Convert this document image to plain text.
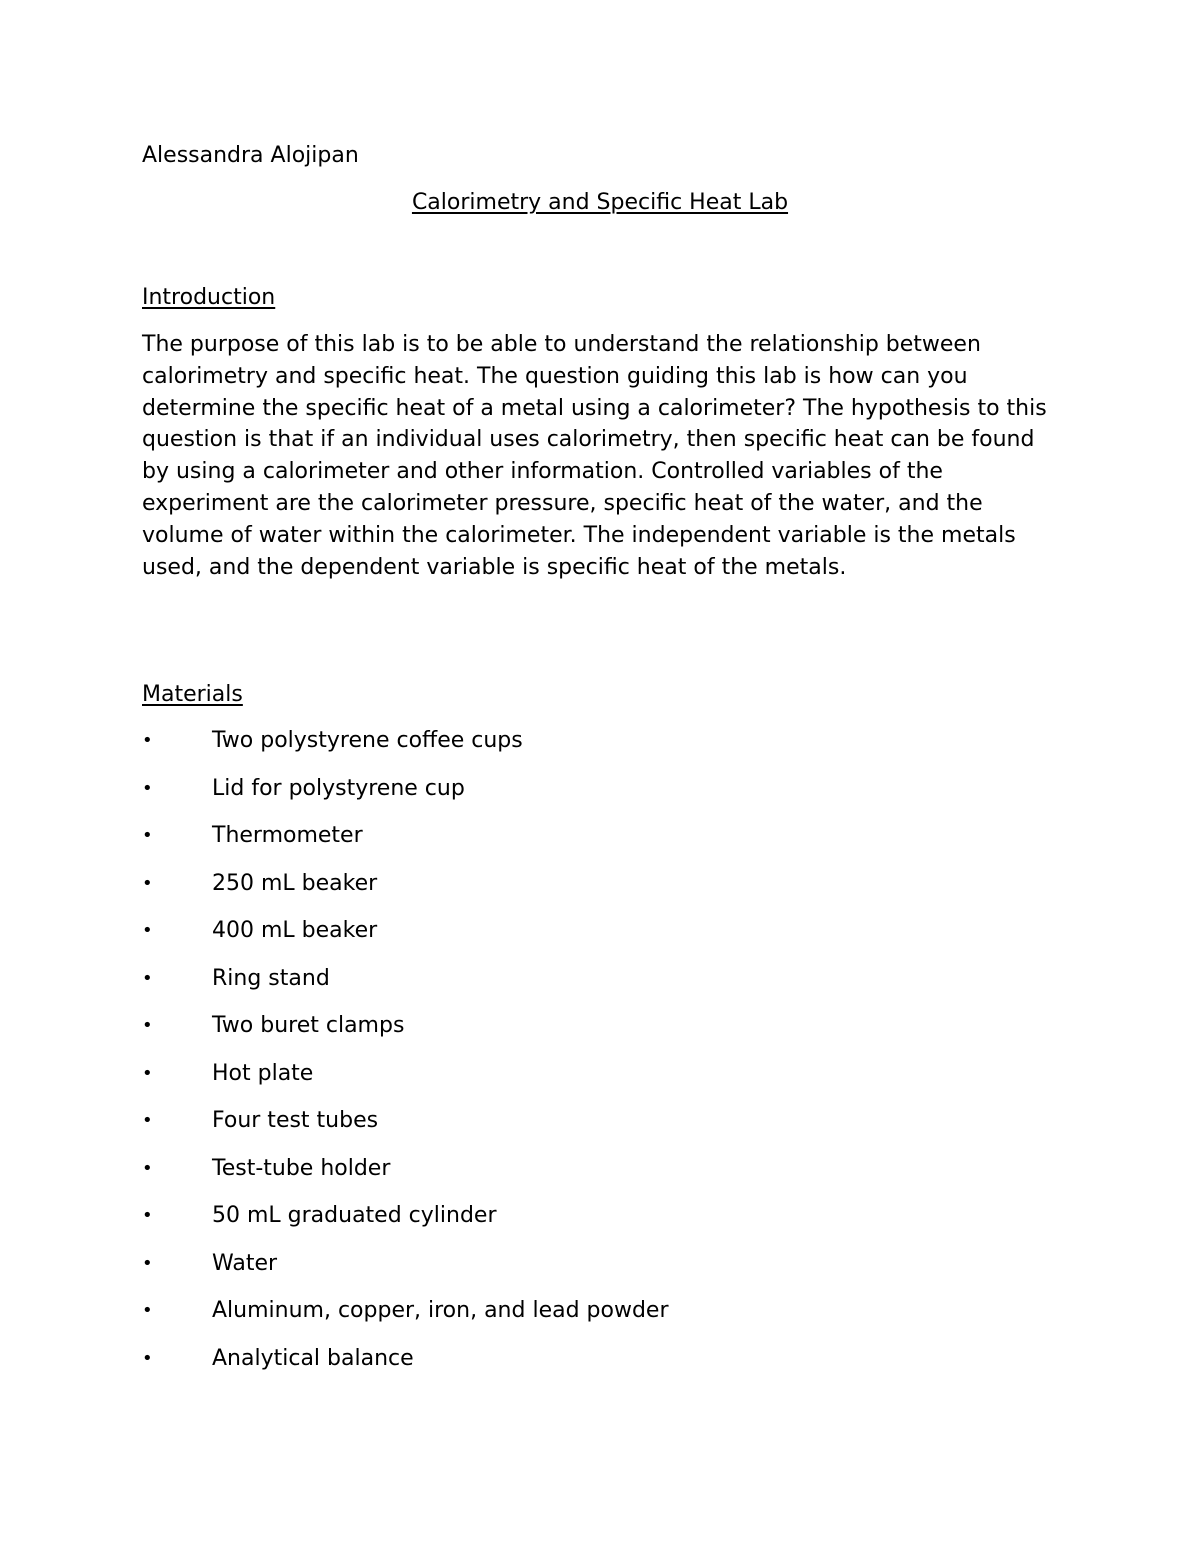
Alessandra Alojipan
Calorimetry and Specific Heat Lab
Introduction

The purpose of this lab is to be able to understand the relationship between calorimetry and specific heat. The question guiding this lab is how can you determine the specific heat of a metal using a calorimeter? The hypothesis to this question is that if an individual uses calorimetry, then specific heat can be found by using a calorimeter and other information. Controlled variables of the experiment are the calorimeter pressure, specific heat of the water, and the volume of water within the calorimeter. The independent variable is the metals used, and the dependent variable is specific heat of the metals.

Materials
•	Two polystyrene coffee cups
•	Lid for polystyrene cup
•	Thermometer
•	250 mL beaker
•	400 mL beaker
•	Ring stand
•	Two buret clamps
•	Hot plate
•	Four test tubes
•	Test-tube holder
•	50 mL graduated cylinder
•	Water
•	Aluminum, copper, iron, and lead powder
•	Analytical balance
